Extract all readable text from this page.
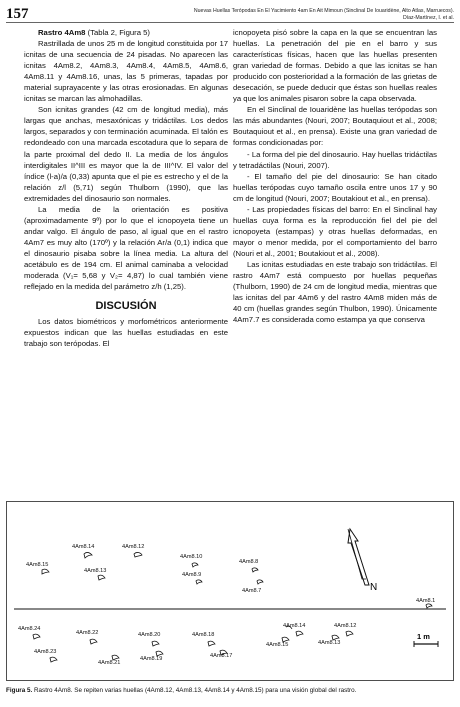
157	Nuevas Huellas Terópodas En El Yacimiento 4am En Ait Mimoun (Sinclinal De Iouaridène, Alto Atlas, Marruecos).
Díaz-Martínez, I. et al.

Rastro 4Am8 (Tabla 2, Figura 5)

Rastrillada de unos 25 m de longitud constituida por 17 icnitas de una secuencia de 24 pisadas. No aparecen las icnitas 4Am8.2, 4Am8.3, 4Am8.4, 4Am8.5, 4Am8.6, 4Am8.11 y 4Am8.16, unas, las 5 primeras, tapadas por material suprayacente y las otras erosionadas. En algunas icnitas se marcan las almohadillas.

Son icnitas grandes (42 cm de longitud media), más largas que anchas, mesaxónicas y tridáctilas. Los dedos largos, separados y con terminación acuminada. El talón es redondeado con una marcada escotadura que lo separa de la parte proximal del dedo II. La media de los ángulos interdigitales II^III es mayor que la de III^IV. El valor del índice (l-a)/a (0,33) apunta que el pie es estrecho y el de la relación z/l (5,71) según Thulborn (1990), que las extremidades del dinosaurio son normales.

La media de la orientación es positiva (aproximadamente 9º) por lo que el icnopoyeta tiene un andar valgo. El ángulo de paso, al igual que en el rastro 4Am7 es muy alto (170º) y la relación Ar/a (0,1) indica que el dinosaurio pisaba sobre la línea media. La altura del acetábulo es de 194 cm. El animal caminaba a velocidad moderada (V₁= 5,68 y V₂= 4,87) lo cual también viene reflejado en la medida del parámetro z/h (1,25).

DISCUSIÓN

Los datos biométricos y morfométricos anteriormente expuestos indican que las huellas estudiadas en este trabajo son terópodas. El

icnopoyeta pisó sobre la capa en la que se encuentran las huellas. La penetración del pie en el barro y sus características físicas, hacen que las huellas presenten gran variedad de formas. Debido a que las icnitas se han producido con posterioridad a la formación de las grietas de desecación, se puede deducir que éstas son huellas reales ya que los animales pisaron sobre la capa observada.

En el Sinclinal de Iouaridène las huellas terópodas son las más abundantes (Nouri, 2007; Boutaquiout et al., 2008; Boutaquiout et al., en prensa). Existe una gran variedad de formas condicionadas por:

- La forma del pie del dinosaurio. Hay huellas tridáctilas y tetradáctilas (Nouri, 2007).

- El tamaño del pie del dinosaurio: Se han citado huellas terópodas cuyo tamaño oscila entre unos 17 y 90 cm de longitud (Nouri, 2007; Boutakiout et al., en prensa).

- Las propiedades físicas del barro: En el Sinclinal hay huellas cuya forma es la reproducción fiel del pie del icnopoyeta (estampas) y otras huellas deformadas, en mayor o menor medida, por el comportamiento del barro (Nouri et al., 2001; Boutakiout et al., 2008).

Las icnitas estudiadas en este trabajo son tridáctilas. El rastro 4Am7 está compuesto por huellas pequeñas (Thulborn, 1990) de 24 cm de longitud media, mientras que las icnitas del par 4Am6 y del rastro 4Am8 miden más de 40 cm (huellas grandes según Thulbon, 1990). Únicamente 4Am7.7 es considerada como estampa ya que conserva

N
1 m
4Am8.14	4Am8.12
4Am8.15
4Am8.13
4Am8.10
4Am8.9
4Am8.8
4Am8.7
4Am8.1
4Am8.24
4Am8.22
4Am8.23
4Am8.21
4Am8.20
4Am8.19
4Am8.18
4Am8.17
4Am8.14
4Am8.15
4Am8.12
4Am8.13
Figura 5. Rastro 4Am8. Se repiten varias huellas (4Am8.12, 4Am8.13, 4Am8.14 y 4Am8.15) para una visión global del rastro.
